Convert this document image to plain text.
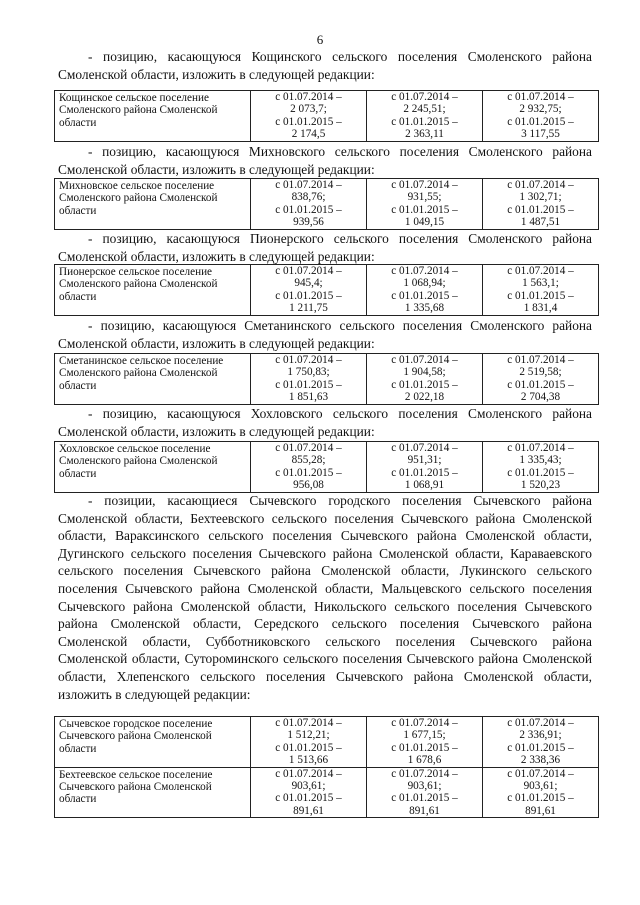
6

- позицию, касающуюся Кощинского сельского поселения Смоленского района Смоленской области, изложить в следующей редакции:

Кощинское сельское поселение Смоленского района Смоленской области	
с 01.07.2014 –
2 073,7;
с 01.01.2015 –
2 174,5

с 01.07.2014 –
2 245,51;
с 01.01.2015 –
2 363,11

с 01.07.2014 –
2 932,75;
с 01.01.2015 –
3 117,55

- позицию, касающуюся Михновского сельского поселения Смоленского района Смоленской области, изложить в следующей редакции:

Михновское сельское поселение Смоленского района Смоленской области	
с 01.07.2014 –
838,76;
с 01.01.2015 –
939,56

с 01.07.2014 –
931,55;
с 01.01.2015 –
1 049,15

с 01.07.2014 –
1 302,71;
с 01.01.2015 –
1 487,51

- позицию, касающуюся Пионерского сельского поселения Смоленского района Смоленской области, изложить в следующей редакции:

Пионерское сельское поселение Смоленского района Смоленской области	
с 01.07.2014 –
945,4;
с 01.01.2015 –
1 211,75

с 01.07.2014 –
1 068,94;
с 01.01.2015 –
1 335,68

с 01.07.2014 –
1 563,1;
с 01.01.2015 –
1 831,4

- позицию, касающуюся Сметанинского сельского поселения Смоленского района Смоленской области, изложить в следующей редакции:

Сметанинское сельское поселение Смоленского района Смоленской области	
с 01.07.2014 –
1 750,83;
с 01.01.2015 –
1 851,63

с 01.07.2014 –
1 904,58;
с 01.01.2015 –
2 022,18

с 01.07.2014 –
2 519,58;
с 01.01.2015 –
2 704,38

- позицию, касающуюся Хохловского сельского поселения Смоленского района Смоленской области, изложить в следующей редакции:

Хохловское сельское поселение Смоленского района Смоленской области	
с 01.07.2014 –
855,28;
с 01.01.2015 –
956,08

с 01.07.2014 –
951,31;
с 01.01.2015 –
1 068,91

с 01.07.2014 –
1 335,43;
с 01.01.2015 –
1 520,23

- позиции, касающиеся Сычевского городского поселения Сычевского района Смоленской области, Бехтеевского сельского поселения Сычевского района Смоленской области, Вараксинского сельского поселения Сычевского района Смоленской области, Дугинского сельского поселения Сычевского района Смоленской области, Караваевского сельского поселения Сычевского района Смоленской области, Лукинского сельского поселения Сычевского района Смоленской области, Мальцевского сельского поселения Сычевского района Смоленской области, Никольского сельского поселения Сычевского района Смоленской области, Середского сельского поселения Сычевского района Смоленской области, Субботниковского сельского поселения Сычевского района Смоленской области, Сутороминского сельского поселения Сычевского района Смоленской области, Хлепенского сельского поселения Сычевского района Смоленской области, изложить в следующей редакции:

Сычевское городское поселение Сычевского района Смоленской области	с 01.07.2014 –
1 512,21;
с 01.01.2015 –
1 513,66	с 01.07.2014 –
1 677,15;
с 01.01.2015 –
1 678,6	с 01.07.2014 –
2 336,91;
с 01.01.2015 –
2 338,36

Бехтеевское сельское поселение Сычевского района Смоленской области	с 01.07.2014 –
903,61;
с 01.01.2015 –
891,61	с 01.07.2014 –
903,61;
с 01.01.2015 –
891,61	с 01.07.2014 –
903,61;
с 01.01.2015 –
891,61
